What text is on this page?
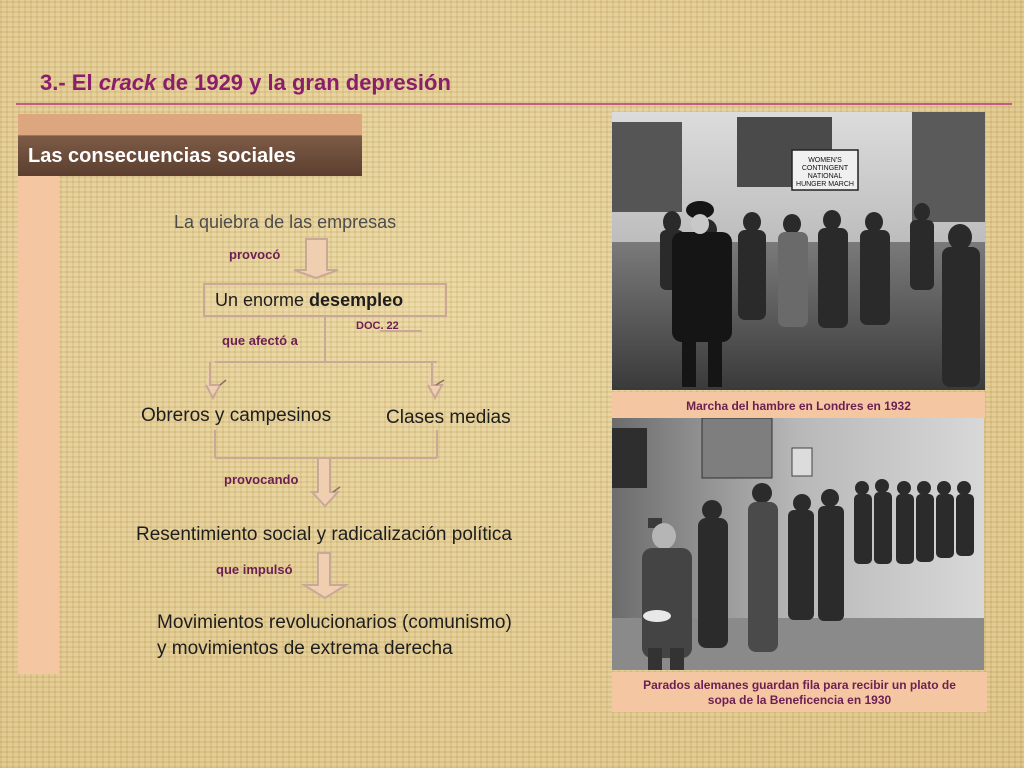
3.- El crack de 1929 y la gran depresión
Las consecuencias sociales
La quiebra de las empresas
provocó
Un enorme desempleo
DOC. 22
que afectó a
Obreros y campesinos	Clases medias
provocando
Resentimiento social y radicalización política
que impulsó
Movimientos revolucionarios (comunismo)
y movimientos de extrema derecha
WOMEN'S
CONTINGENT
NATIONAL
HUNGER MARCH
Marcha del hambre en Londres en 1932
Parados alemanes guardan fila para recibir un plato de
sopa de la Beneficencia en 1930
